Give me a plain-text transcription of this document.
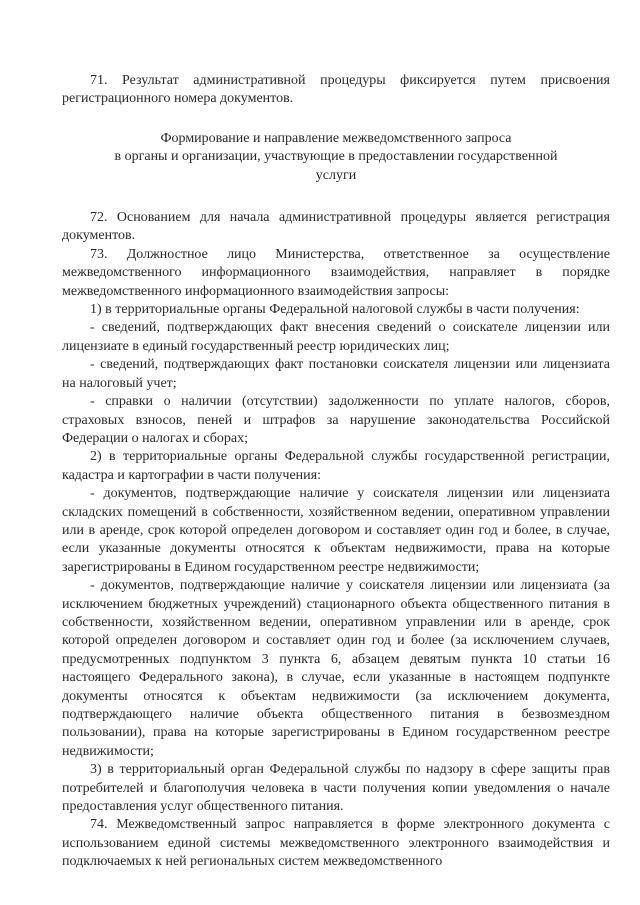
71. Результат административной процедуры фиксируется путем присвоения регистрационного номера документов.

Формирование и направление межведомственного запроса
в органы и организации, участвующие в предоставлении государственной
услуги

72. Основанием для начала административной процедуры является регистрация документов.

73. Должностное лицо Министерства, ответственное за осуществление межведомственного информационного взаимодействия, направляет в порядке межведомственного информационного взаимодействия запросы:

1) в территориальные органы Федеральной налоговой службы в части получения:

- сведений, подтверждающих факт внесения сведений о соискателе лицензии или лицензиате в единый государственный реестр юридических лиц;

- сведений, подтверждающих факт постановки соискателя лицензии или лицензиата на налоговый учет;

- справки о наличии (отсутствии) задолженности по уплате налогов, сборов, страховых взносов, пеней и штрафов за нарушение законодательства Российской Федерации о налогах и сборах;

2) в территориальные органы Федеральной службы государственной регистрации, кадастра и картографии в части получения:

- документов, подтверждающие наличие у соискателя лицензии или лицензиата складских помещений в собственности, хозяйственном ведении, оперативном управлении или в аренде, срок которой определен договором и составляет один год и более, в случае, если указанные документы относятся к объектам недвижимости, права на которые зарегистрированы в Едином государственном реестре недвижимости;

- документов, подтверждающие наличие у соискателя лицензии или лицензиата (за исключением бюджетных учреждений) стационарного объекта общественного питания в собственности, хозяйственном ведении, оперативном управлении или в аренде, срок которой определен договором и составляет один год и более (за исключением случаев, предусмотренных подпунктом 3 пункта 6, абзацем девятым пункта 10 статьи 16 настоящего Федерального закона), в случае, если указанные в настоящем подпункте документы относятся к объектам недвижимости (за исключением документа, подтверждающего наличие объекта общественного питания в безвозмездном пользовании), права на которые зарегистрированы в Едином государственном реестре недвижимости;

3) в территориальный орган Федеральной службы по надзору в сфере защиты прав потребителей и благополучия человека в части получения копии уведомления о начале предоставления услуг общественного питания.

74. Межведомственный запрос направляется в форме электронного документа с использованием единой системы межведомственного электронного взаимодействия и подключаемых к ней региональных систем межведомственного
